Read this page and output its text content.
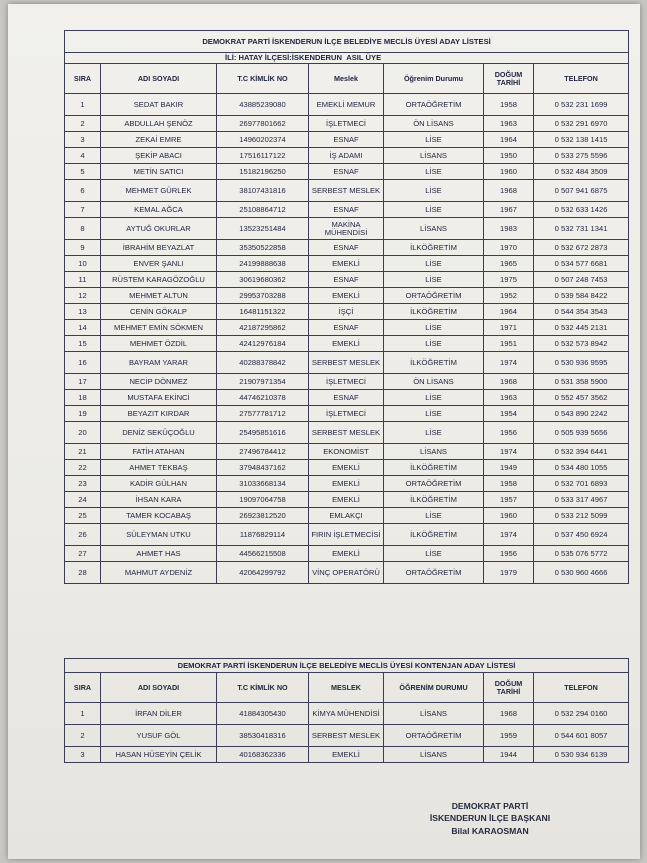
DEMOKRAT PARTİ İSKENDERUN İLÇE BELEDİYE MECLİS ÜYESİ ADAY LİSTESİ						
İLİ: HATAY İLÇESİ:İSKENDERUN ASIL ÜYE						
SIRA	ADI SOYADI	T.C KİMLİK NO	Meslek	Öğrenim Durumu	DOĞUM TARİHİ	TELEFON
1	SEDAT BAKIR	43885239080	EMEKLİ MEMUR	ORTAÖĞRETİM	1958	0 532 231 1699
2	ABDULLAH ŞENÖZ	26977801662	İŞLETMECİ	ÖN LİSANS	1963	0 532 291 6970
3	ZEKAİ EMRE	14960202374	ESNAF	LİSE	1964	0 532 138 1415
4	ŞEKİP ABACI	17516117122	İŞ ADAMI	LİSANS	1950	0 533 275 5596
5	METİN SATICI	15182196250	ESNAF	LİSE	1960	0 532 484 3509
6	MEHMET GÜRLEK	38107431816	SERBEST MESLEK	LİSE	1968	0 507 941 6875
7	KEMAL AĞCA	25108864712	ESNAF	LİSE	1967	0 532 633 1426
8	AYTUĞ OKURLAR	13523251484	MAKİNA MÜHENDİSİ	LİSANS	1983	0 532 731 1341
9	İBRAHİM BEYAZLAT	35350522858	ESNAF	İLKÖĞRETİM	1970	0 532 672 2873
10	ENVER ŞANLI	24199888638	EMEKLİ	LİSE	1965	0 534 577 6681
11	RÜSTEM KARAGÖZOĞLU	30619680362	ESNAF	LİSE	1975	0 507 248 7453
12	MEHMET ALTUN	29953703288	EMEKLİ	ORTAÖĞRETİM	1952	0 539 584 8422
13	CENİN GÖKALP	16481151322	İŞÇİ	İLKÖĞRETİM	1964	0 544 354 3543
14	MEHMET EMİN SÖKMEN	42187295862	ESNAF	LİSE	1971	0 532 445 2131
15	MEHMET ÖZDİL	42412976184	EMEKLİ	LİSE	1951	0 532 573 8942
16	BAYRAM YARAR	40288378842	SERBEST MESLEK	İLKÖĞRETİM	1974	0 530 936 9595
17	NECİP DÖNMEZ	21907971354	İŞLETMECİ	ÖN LİSANS	1968	0 531 358 5900
18	MUSTAFA EKİNCİ	44746210378	ESNAF	LİSE	1963	0 552 457 3562
19	BEYAZIT KIRDAR	27577781712	İŞLETMECİ	LİSE	1954	0 543 890 2242
20	DENİZ SEKÜÇOĞLU	25495851616	SERBEST MESLEK	LİSE	1956	0 505 939 5656
21	FATİH ATAHAN	27496784412	EKONOMİST	LİSANS	1974	0 532 394 6441
22	AHMET TEKBAŞ	37948437162	EMEKLİ	İLKÖĞRETİM	1949	0 534 480 1055
23	KADİR GÜLHAN	31033668134	EMEKLİ	ORTAÖĞRETİM	1958	0 532 701 6893
24	İHSAN KARA	19097064758	EMEKLİ	İLKÖĞRETİM	1957	0 533 317 4967
25	TAMER KOCABAŞ	26923812520	EMLAKÇI	LİSE	1960	0 533 212 5099
26	SÜLEYMAN UTKU	11876829114	FIRIN İŞLETMECİSİ	İLKÖĞRETİM	1974	0 537 450 6924
27	AHMET HAS	44566215508	EMEKLİ	LİSE	1956	0 535 076 5772
28	MAHMUT AYDENİZ	42064299792	VİNÇ OPERATÖRÜ	ORTAÖĞRETİM	1979	0 530 960 4666
DEMOKRAT PARTİ İSKENDERUN İLÇE BELEDİYE MECLİS ÜYESİ KONTENJAN ADAY LİSTESİ						
SIRA	ADI SOYADI	T.C KİMLİK NO	MESLEK	ÖĞRENİM DURUMU	DOĞUM TARİHİ	TELEFON
1	İRFAN DİLER	41884305430	KİMYA MÜHENDİSİ	LİSANS	1968	0 532 294 0160
2	YUSUF GÖL	38530418316	SERBEST MESLEK	ORTAÖĞRETİM	1959	0 544 601 8057
3	HASAN HÜSEYİN ÇELİK	40168362336	EMEKLİ	LİSANS	1944	0 530 934 6139
DEMOKRAT PARTİ
İSKENDERUN İLÇE BAŞKANI
Bilal KARAOSMAN
